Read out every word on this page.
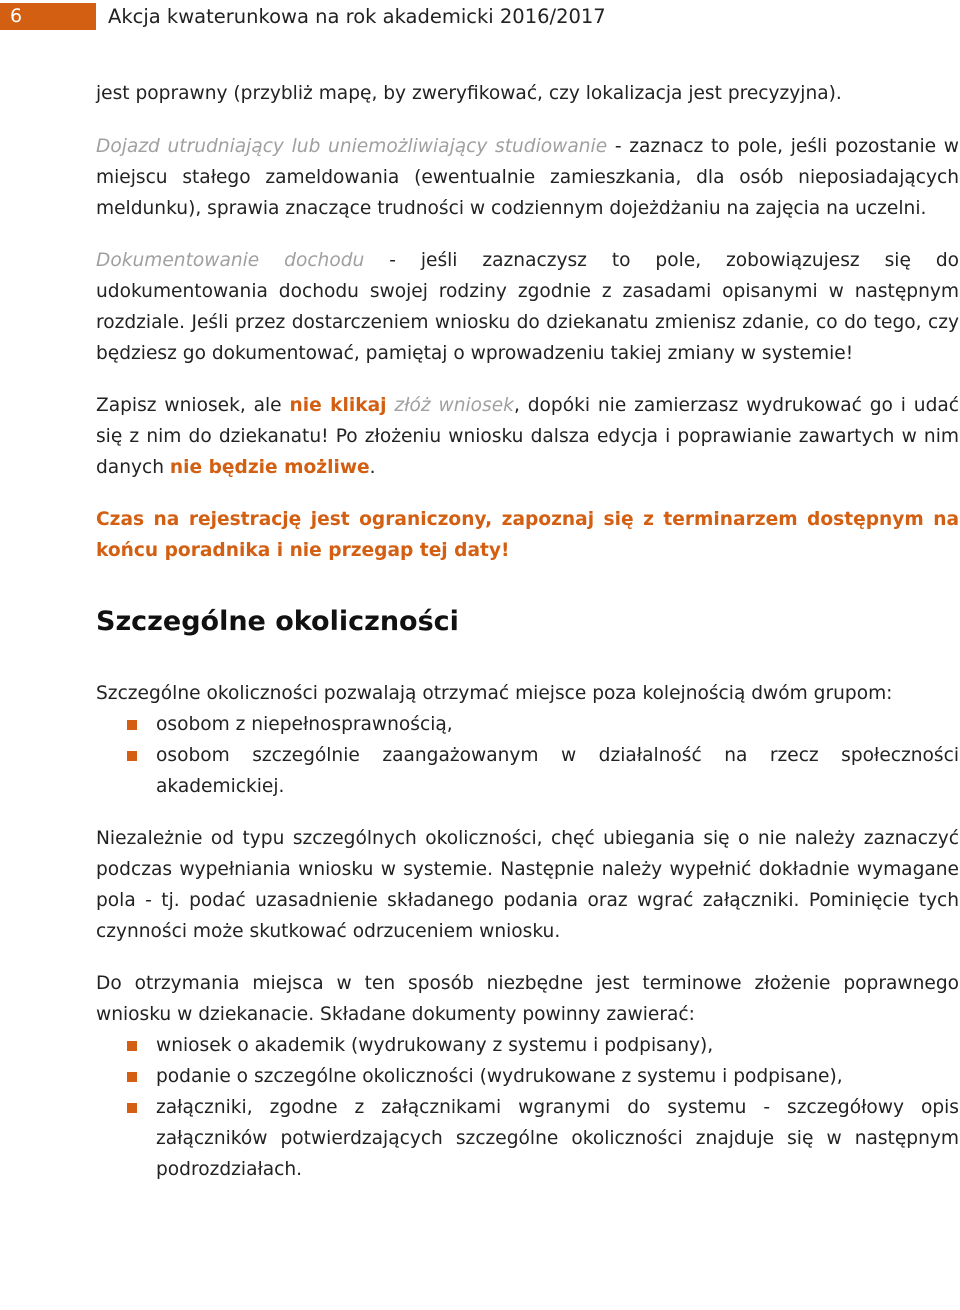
6	Akcja kwaterunkowa na rok akademicki 2016/2017

jest poprawny (przybliż mapę, by zweryfikować, czy lokalizacja jest precyzyjna).

Dojazd utrudniający lub uniemożliwiający studiowanie - zaznacz to pole, jeśli pozostanie w miejscu stałego zameldowania (ewentualnie zamieszkania, dla osób nieposiadających meldunku), sprawia znaczące trudności w codziennym dojeżdżaniu na zajęcia na uczelni.

Dokumentowanie dochodu - jeśli zaznaczysz to pole, zobowiązujesz się do udokumentowania dochodu swojej rodziny zgodnie z zasadami opisanymi w następnym rozdziale. Jeśli przez dostarczeniem wniosku do dziekanatu zmienisz zdanie, co do tego, czy będziesz go dokumentować, pamiętaj o wprowadzeniu takiej zmiany w systemie!

Zapisz wniosek, ale nie klikaj złóż wniosek, dopóki nie zamierzasz wydrukować go i udać się z nim do dziekanatu! Po złożeniu wniosku dalsza edycja i poprawianie zawartych w nim danych nie będzie możliwe.

Czas na rejestrację jest ograniczony, zapoznaj się z terminarzem dostępnym na końcu poradnika i nie przegap tej daty!

Szczególne okoliczności

Szczególne okoliczności pozwalają otrzymać miejsce poza kolejnością dwóm grupom:

osobom z niepełnosprawnością,
osobom szczególnie zaangażowanym w działalność na rzecz społeczności akademickiej.

Niezależnie od typu szczególnych okoliczności, chęć ubiegania się o nie należy zaznaczyć podczas wypełniania wniosku w systemie. Następnie należy wypełnić dokładnie wymagane pola - tj. podać uzasadnienie składanego podania oraz wgrać załączniki. Pominięcie tych czynności może skutkować odrzuceniem wniosku.

Do otrzymania miejsca w ten sposób niezbędne jest terminowe złożenie poprawnego wniosku w dziekanacie. Składane dokumenty powinny zawierać:

wniosek o akademik (wydrukowany z systemu i podpisany),
podanie o szczególne okoliczności (wydrukowane z systemu i podpisane),
załączniki, zgodne z załącznikami wgranymi do systemu - szczegółowy opis załączników potwierdzających szczególne okoliczności znajduje się w następnym podrozdziałach.
